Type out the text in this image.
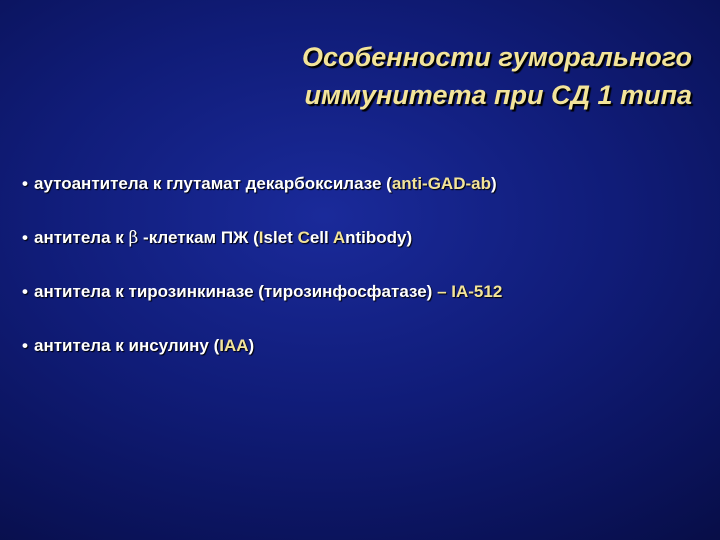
Особенности гуморального
иммунитета при СД 1 типа
• аутоантитела к глутамат декарбоксилазе (anti-GAD-ab)
• антитела к β -клеткам ПЖ (Islet Cell Antibody)
• антитела к тирозинкиназе (тирозинфосфатазе) – IA-512
• антитела к инсулину (IAA)
